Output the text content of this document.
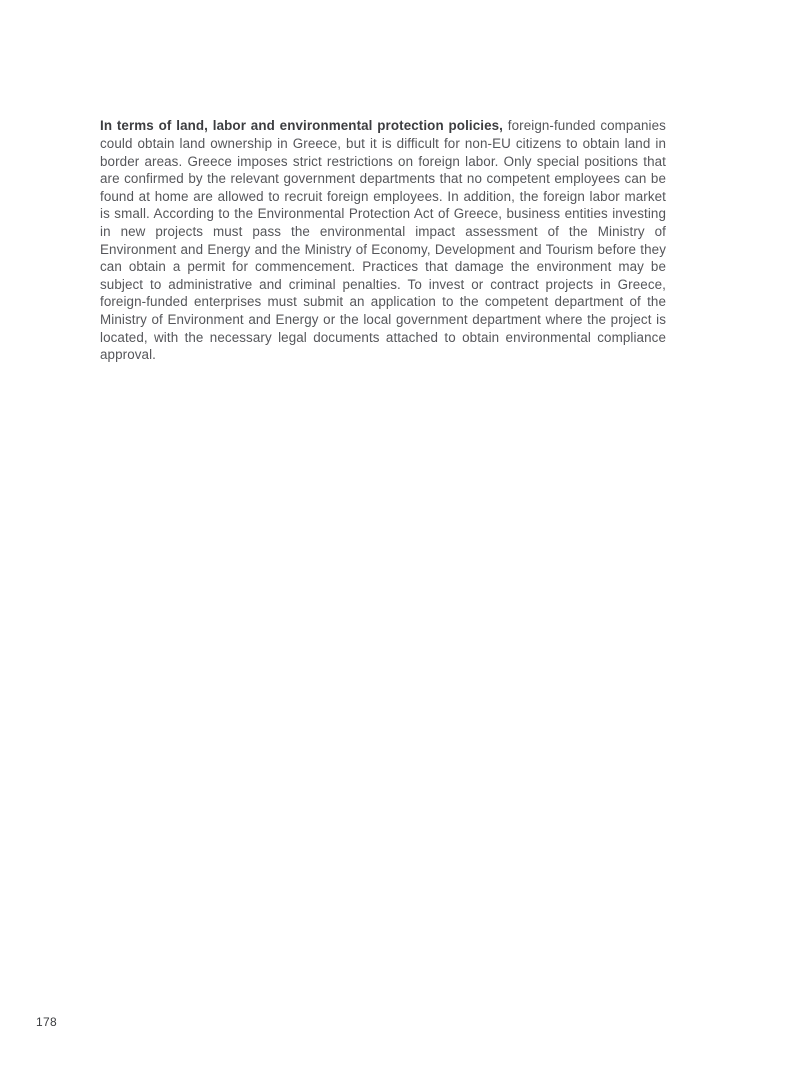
In terms of land, labor and environmental protection policies, foreign-funded companies could obtain land ownership in Greece, but it is difficult for non-EU citizens to obtain land in border areas. Greece imposes strict restrictions on foreign labor. Only special positions that are confirmed by the relevant government departments that no competent employees can be found at home are allowed to recruit foreign employees. In addition, the foreign labor market is small. According to the Environmental Protection Act of Greece, business entities investing in new projects must pass the environmental impact assessment of the Ministry of Environment and Energy and the Ministry of Economy, Development and Tourism before they can obtain a permit for commencement. Practices that damage the environment may be subject to administrative and criminal penalties. To invest or contract projects in Greece, foreign-funded enterprises must submit an application to the competent department of the Ministry of Environment and Energy or the local government department where the project is located, with the necessary legal documents attached to obtain environmental compliance approval.

178
